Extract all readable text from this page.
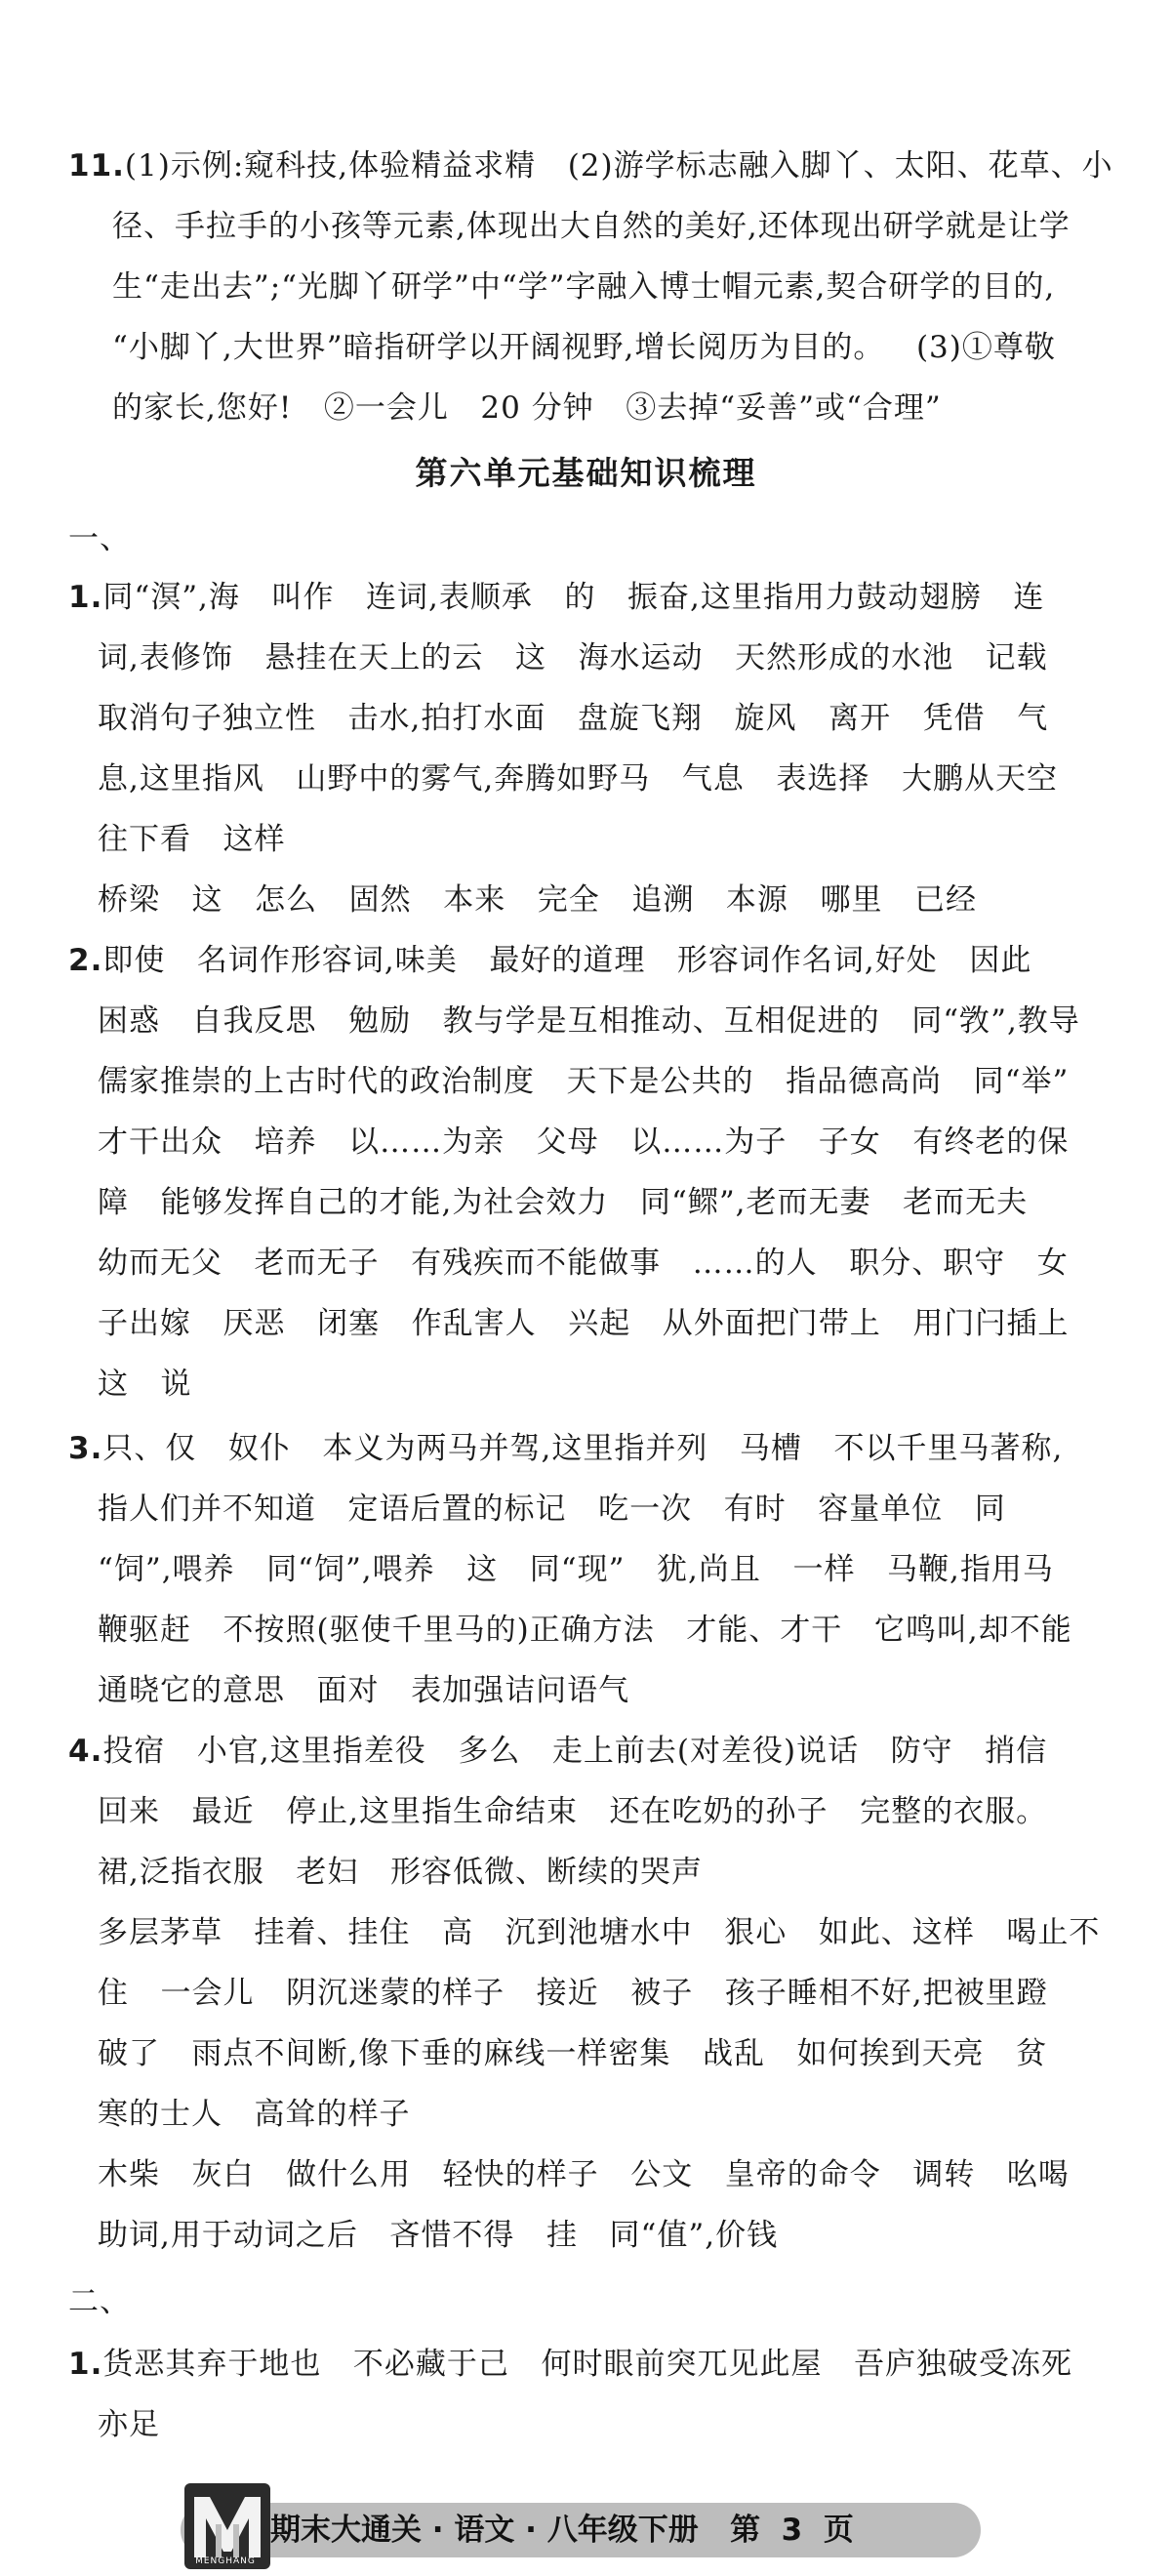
11.(1)示例:窥科技,体验精益求精   (2)游学标志融入脚丫、太阳、花草、小
径、手拉手的小孩等元素,体现出大自然的美好,还体现出研学就是让学
生“走出去”;“光脚丫研学”中“学”字融入博士帽元素,契合研学的目的,
“小脚丫,大世界”暗指研学以开阔视野,增长阅历为目的。   (3)①尊敬
的家长,您好!   ②一会儿   20 分钟   ③去掉“妥善”或“合理”
第六单元基础知识梳理
一、
1.同“溟”,海   叫作   连词,表顺承   的   振奋,这里指用力鼓动翅膀   连
词,表修饰   悬挂在天上的云   这   海水运动   天然形成的水池   记载
取消句子独立性   击水,拍打水面   盘旋飞翔   旋风   离开   凭借   气
息,这里指风   山野中的雾气,奔腾如野马   气息   表选择   大鹏从天空
往下看   这样
桥梁   这   怎么   固然   本来   完全   追溯   本源   哪里   已经
2.即使   名词作形容词,味美   最好的道理   形容词作名词,好处   因此
困惑   自我反思   勉励   教与学是互相推动、互相促进的   同“敩”,教导
儒家推崇的上古时代的政治制度   天下是公共的   指品德高尚   同“举”
才干出众   培养   以……为亲   父母   以……为子   子女   有终老的保
障   能够发挥自己的才能,为社会效力   同“鳏”,老而无妻   老而无夫
幼而无父   老而无子   有残疾而不能做事   ……的人   职分、职守   女
子出嫁   厌恶   闭塞   作乱害人   兴起   从外面把门带上   用门闩插上
这   说
3.只、仅   奴仆   本义为两马并驾,这里指并列   马槽   不以千里马著称,
指人们并不知道   定语后置的标记   吃一次   有时   容量单位   同
“饲”,喂养   同“饲”,喂养   这   同“现”   犹,尚且   一样   马鞭,指用马
鞭驱赶   不按照(驱使千里马的)正确方法   才能、才干   它鸣叫,却不能
通晓它的意思   面对   表加强诘问语气
4.投宿   小官,这里指差役   多么   走上前去(对差役)说话   防守   捎信
回来   最近   停止,这里指生命结束   还在吃奶的孙子   完整的衣服。
裙,泛指衣服   老妇   形容低微、断续的哭声
多层茅草   挂着、挂住   高   沉到池塘水中   狠心   如此、这样   喝止不
住   一会儿   阴沉迷蒙的样子   接近   被子   孩子睡相不好,把被里蹬
破了   雨点不间断,像下垂的麻线一样密集   战乱   如何挨到天亮   贫
寒的士人   高耸的样子
木柴   灰白   做什么用   轻快的样子   公文   皇帝的命令   调转   吆喝
助词,用于动词之后   吝惜不得   挂   同“值”,价钱
二、
1.货恶其弃于地也   不必藏于己   何时眼前突兀见此屋   吾庐独破受冻死
亦足
期末大通关 · 语文 · 八年级下册   第  3  页
MENGHANG
